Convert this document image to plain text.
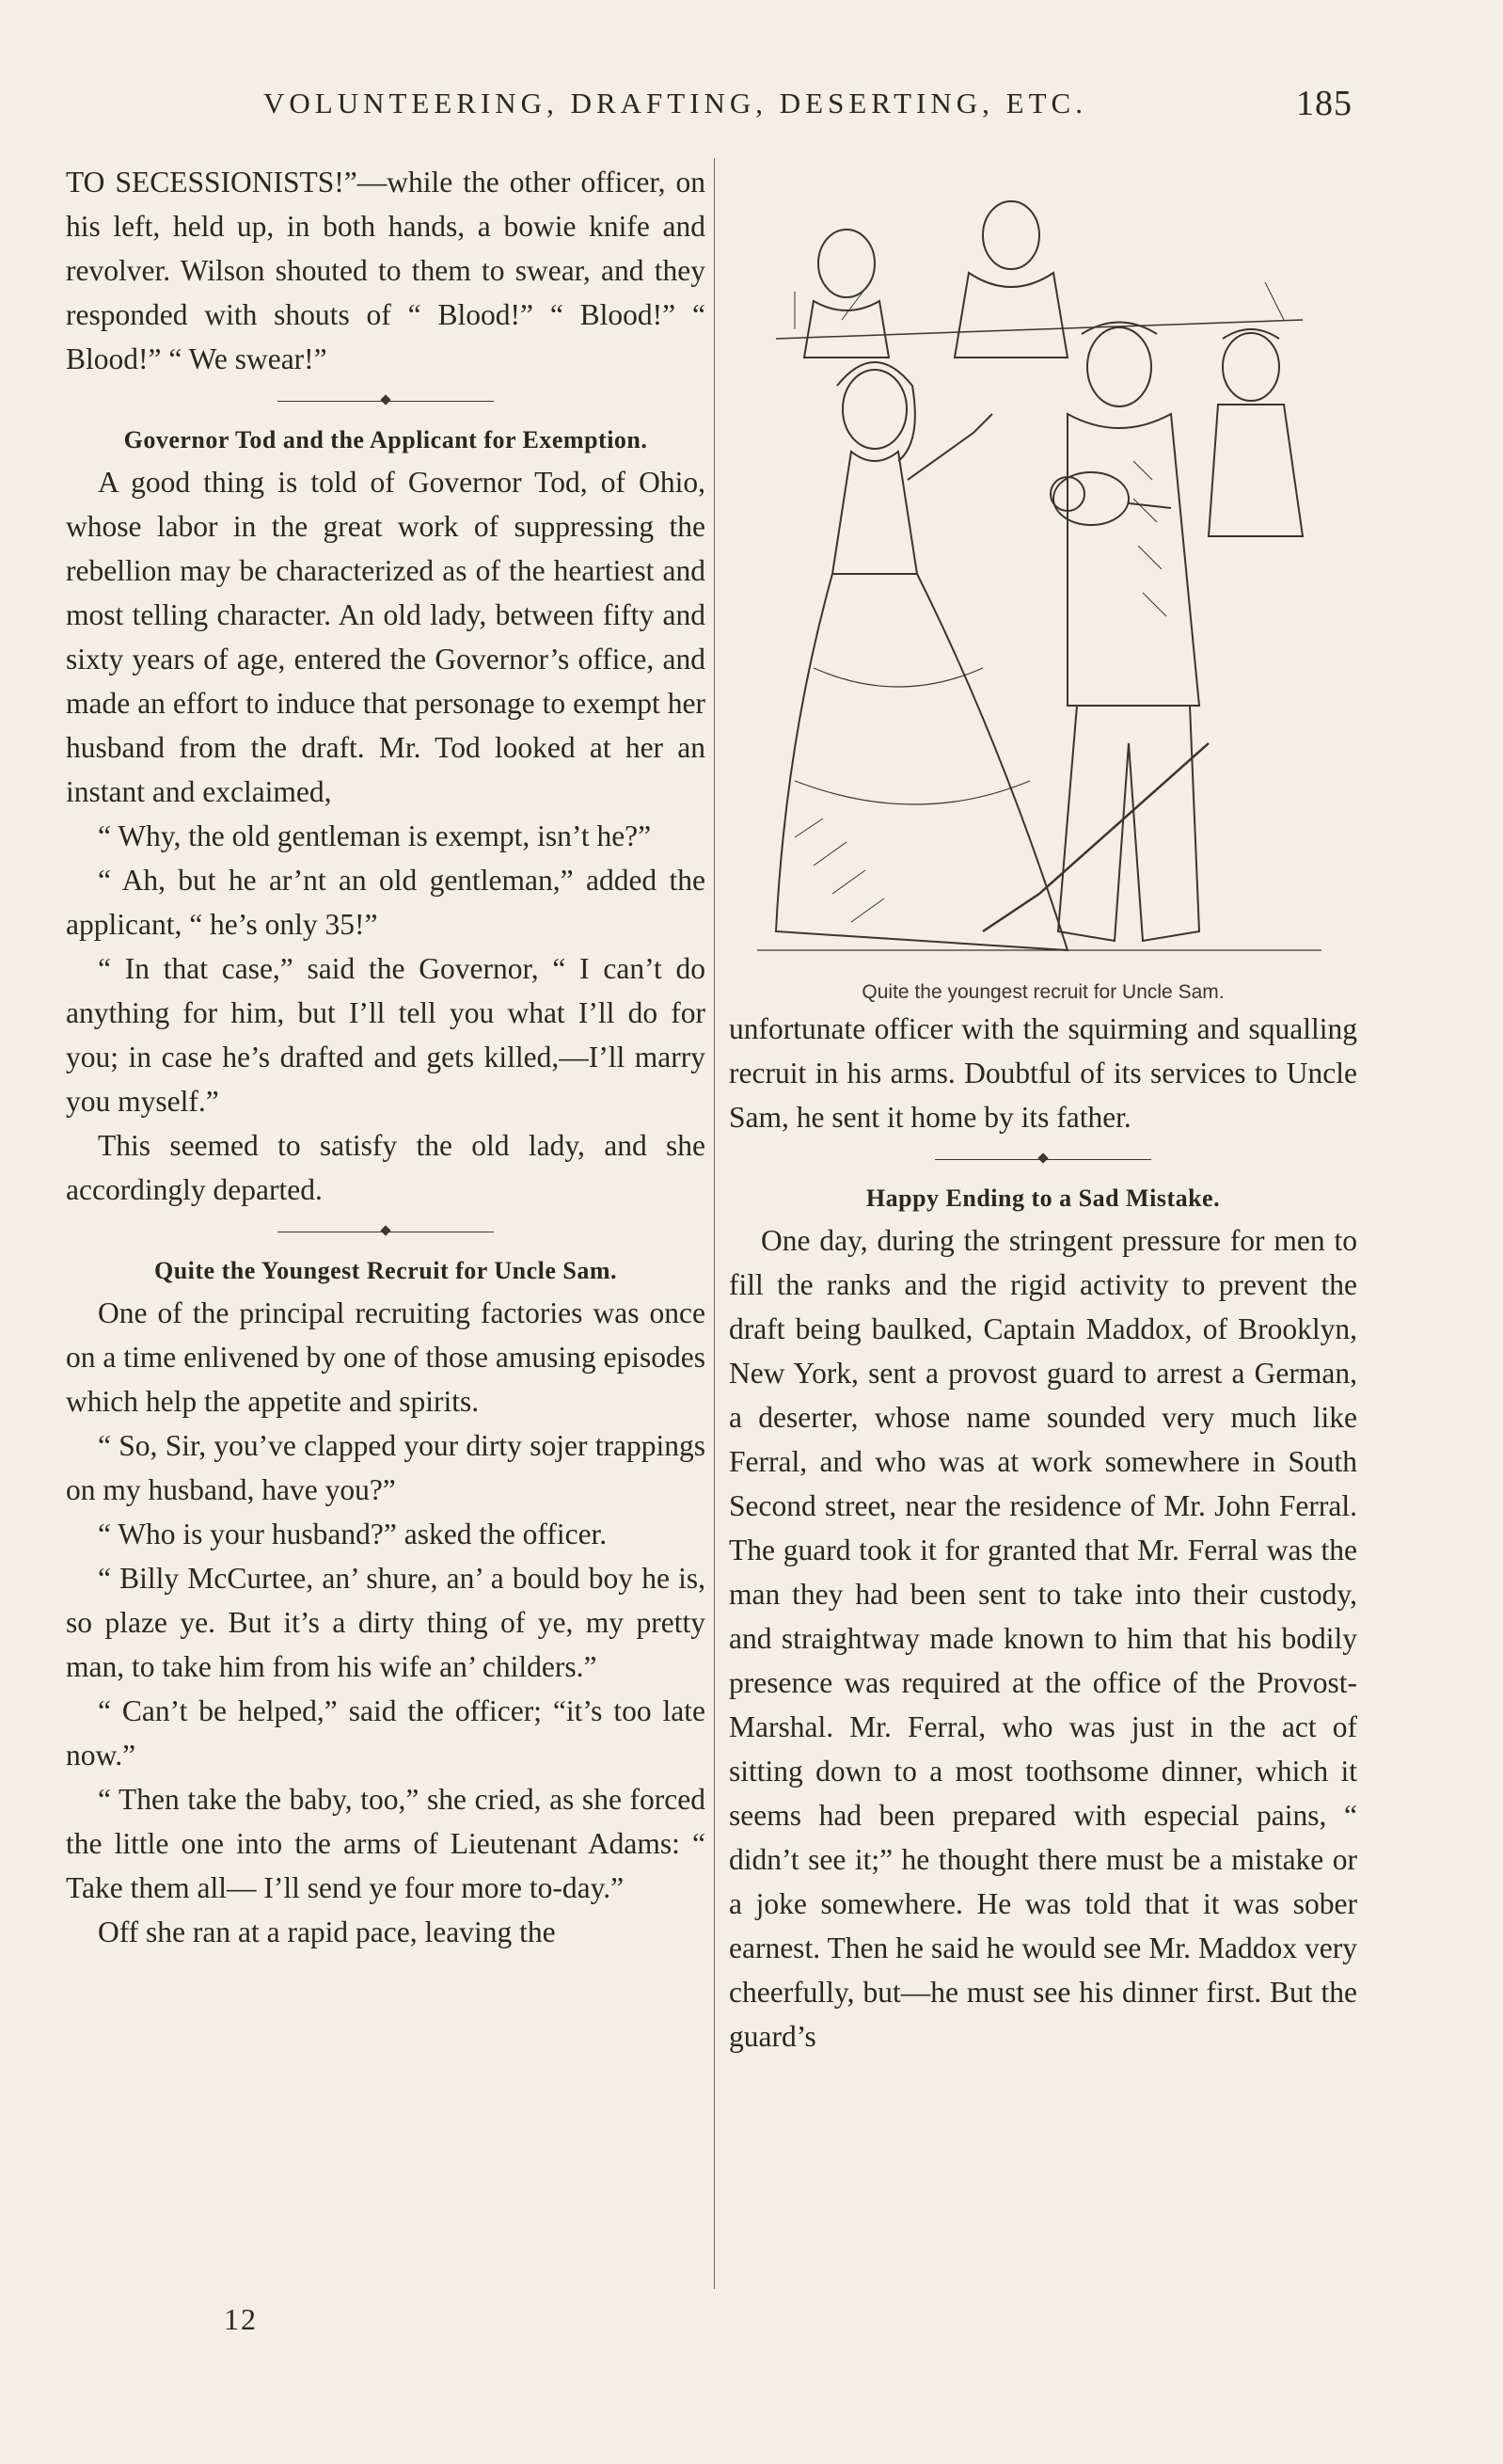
VOLUNTEERING, DRAFTING, DESERTING, ETC.	185

TO SECESSIONISTS!”—while the other officer, on his left, held up, in both hands, a bowie knife and revolver. Wilson shouted to them to swear, and they responded with shouts of “ Blood!” “ Blood!” “ Blood!” “ We swear!”

Governor Tod and the Applicant for Exemption.

A good thing is told of Governor Tod, of Ohio, whose labor in the great work of suppressing the rebellion may be characterized as of the heartiest and most telling character. An old lady, between fifty and sixty years of age, entered the Governor’s office, and made an effort to induce that personage to exempt her husband from the draft. Mr. Tod looked at her an instant and exclaimed,

“ Why, the old gentleman is exempt, isn’t he?”

“ Ah, but he ar’nt an old gentleman,” added the applicant, “ he’s only 35!”

“ In that case,” said the Governor, “ I can’t do anything for him, but I’ll tell you what I’ll do for you; in case he’s drafted and gets killed,—I’ll marry you myself.”

This seemed to satisfy the old lady, and she accordingly departed.

Quite the Youngest Recruit for Uncle Sam.

One of the principal recruiting factories was once on a time enlivened by one of those amusing episodes which help the appetite and spirits.

“ So, Sir, you’ve clapped your dirty sojer trappings on my husband, have you?”

“ Who is your husband?” asked the officer.

“ Billy McCurtee, an’ shure, an’ a bould boy he is, so plaze ye. But it’s a dirty thing of ye, my pretty man, to take him from his wife an’ childers.”

“ Can’t be helped,” said the officer; “it’s too late now.”

“ Then take the baby, too,” she cried, as she forced the little one into the arms of Lieutenant Adams: “ Take them all— I’ll send ye four more to-day.”

Off she ran at a rapid pace, leaving the

12
Quite the youngest recruit for Uncle Sam.

unfortunate officer with the squirming and squalling recruit in his arms. Doubtful of its services to Uncle Sam, he sent it home by its father.

Happy Ending to a Sad Mistake.

One day, during the stringent pressure for men to fill the ranks and the rigid activity to prevent the draft being baulked, Captain Maddox, of Brooklyn, New York, sent a provost guard to arrest a German, a deserter, whose name sounded very much like Ferral, and who was at work somewhere in South Second street, near the residence of Mr. John Ferral. The guard took it for granted that Mr. Ferral was the man they had been sent to take into their custody, and straightway made known to him that his bodily presence was required at the office of the Provost-Marshal. Mr. Ferral, who was just in the act of sitting down to a most toothsome dinner, which it seems had been prepared with especial pains, “ didn’t see it;” he thought there must be a mistake or a joke somewhere. He was told that it was sober earnest. Then he said he would see Mr. Maddox very cheerfully, but—he must see his dinner first. But the guard’s
